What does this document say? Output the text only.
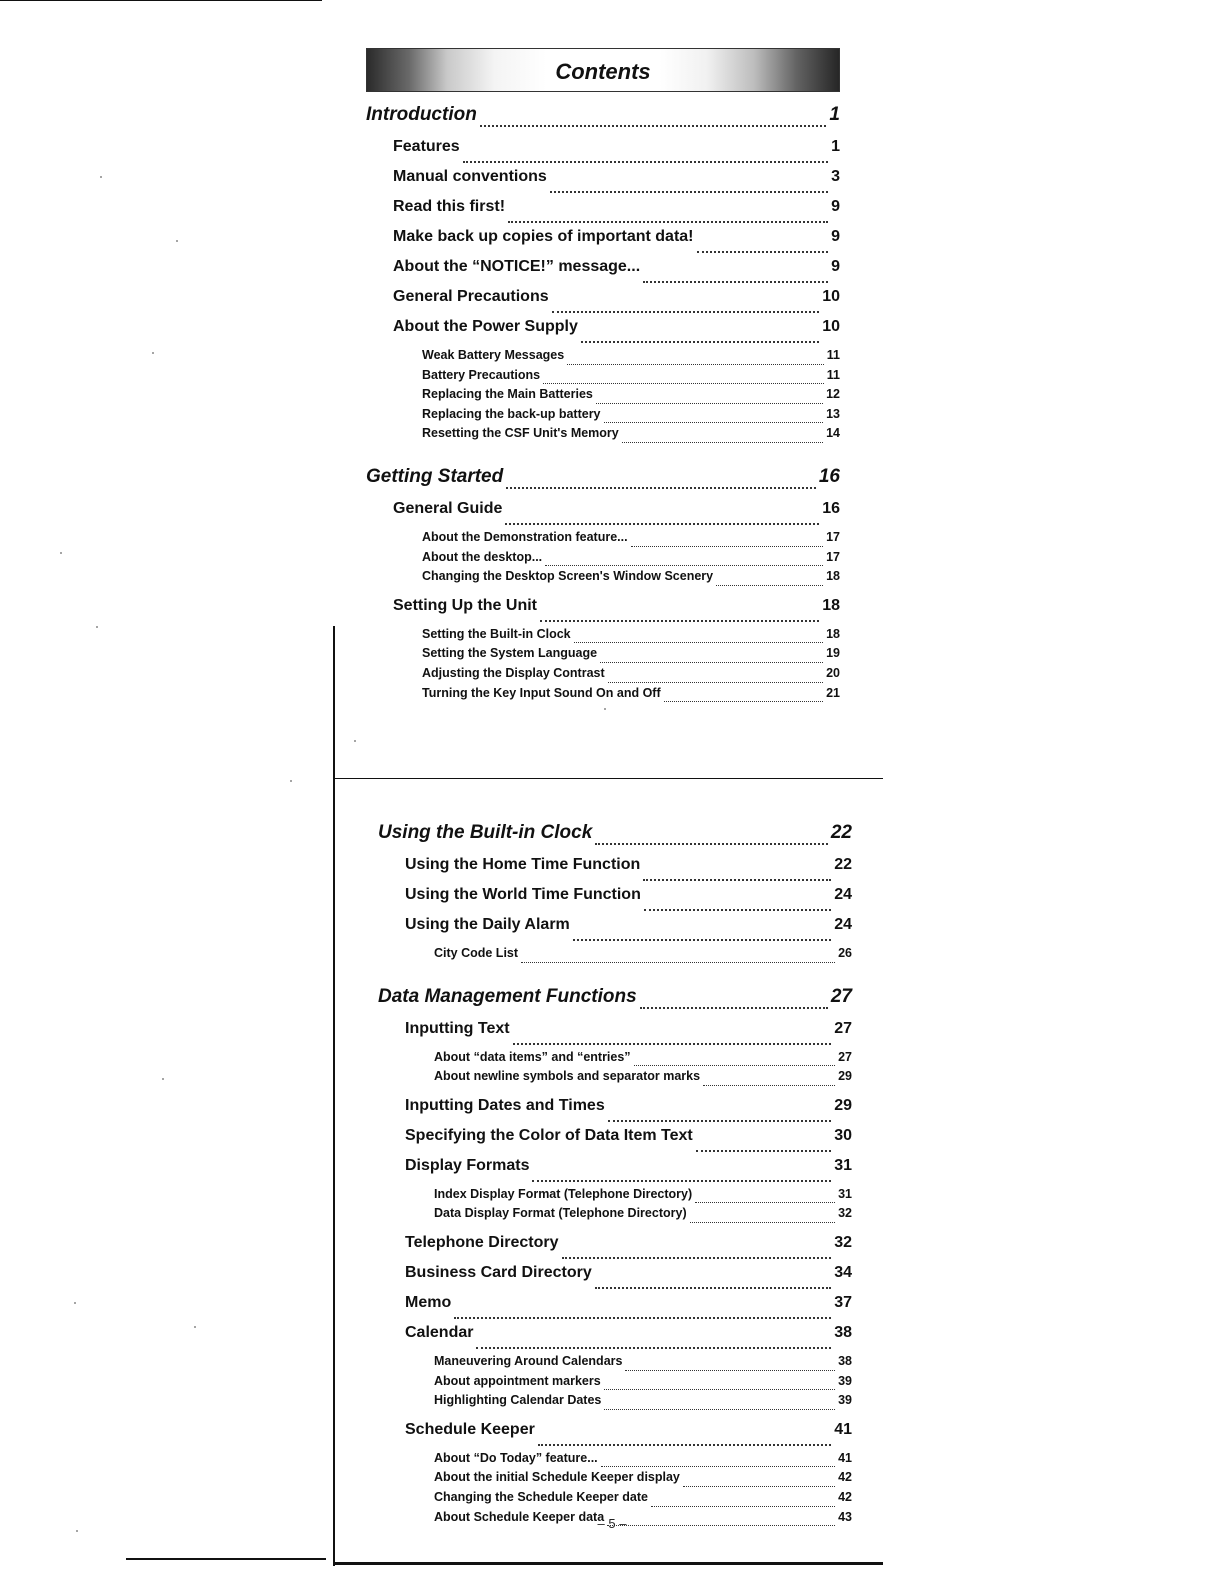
Contents
Introduction	1
Features	1
Manual conventions	3
Read this first!	9
Make back up copies of important data!	9
About the “NOTICE!” message...	9
General Precautions	10
About the Power Supply	10
Weak Battery Messages	11
Battery Precautions	11
Replacing the Main Batteries	12
Replacing the back-up battery	13
Resetting the CSF Unit's Memory	14
Getting Started	16
General Guide	16
About the Demonstration feature...	17
About the desktop...	17
Changing the Desktop Screen's Window Scenery	18
Setting Up the Unit	18
Setting the Built-in Clock	18
Setting the System Language	19
Adjusting the Display Contrast	20
Turning the Key Input Sound On and Off	21
Using the Built-in Clock	22
Using the Home Time Function	22
Using the World Time Function	24
Using the Daily Alarm	24
City Code List	26
Data Management Functions	27
Inputting Text	27
About “data items” and “entries”	27
About newline symbols and separator marks	29
Inputting Dates and Times	29
Specifying the Color of Data Item Text	30
Display Formats	31
Index Display Format (Telephone Directory)	31
Data Display Format (Telephone Directory)	32
Telephone Directory	32
Business Card Directory	34
Memo	37
Calendar	38
Maneuvering Around Calendars	38
About appointment markers	39
Highlighting Calendar Dates	39
Schedule Keeper	41
About “Do Today” feature...	41
About the initial Schedule Keeper display	42
Changing the Schedule Keeper date	42
About Schedule Keeper data	43
– 5 –
